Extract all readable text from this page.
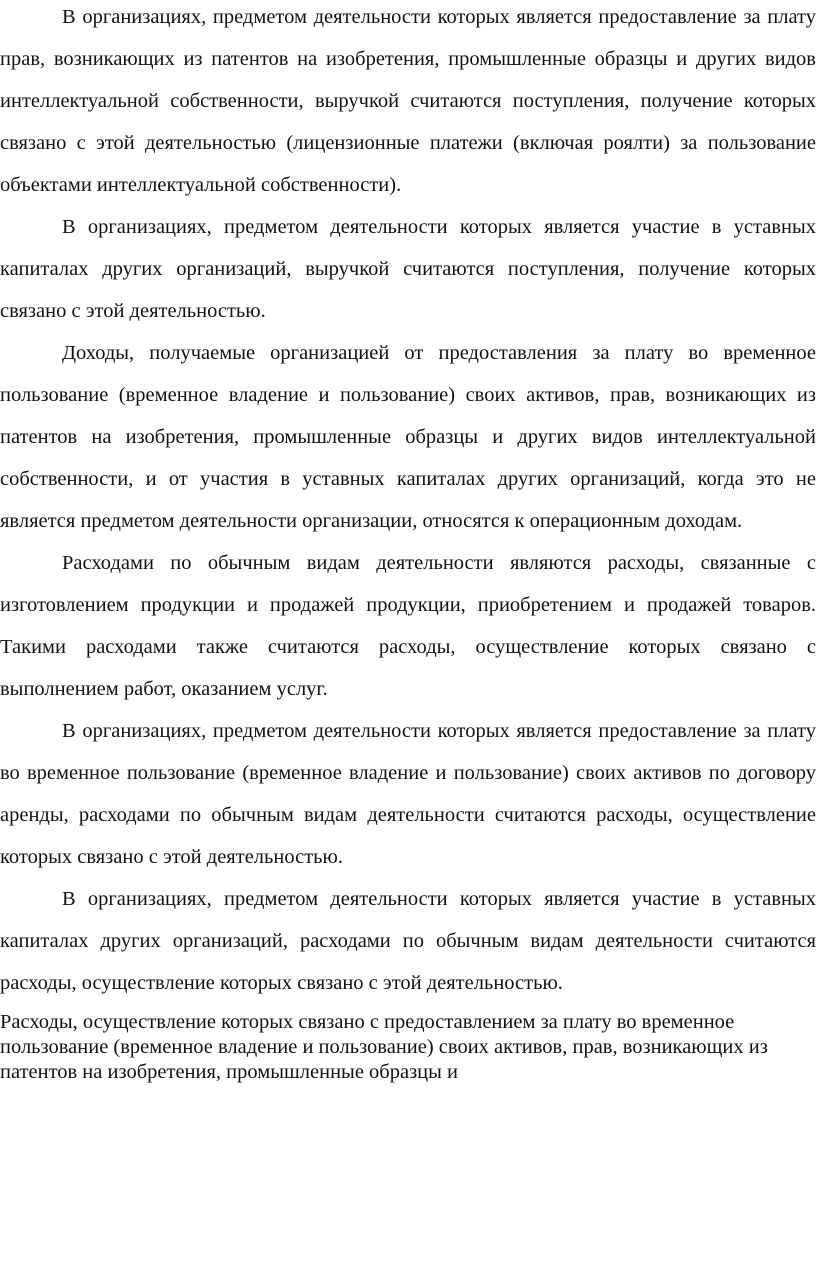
В организациях, предметом деятельности которых является предоставление за плату прав, возникающих из патентов на изобретения, промышленные образцы и других видов интеллектуальной собственности, выручкой считаются поступления, получение которых связано с этой деятельностью (лицензионные платежи (включая роялти) за пользование объектами интеллектуальной собственности).

В организациях, предметом деятельности которых является участие в уставных капиталах других организаций, выручкой считаются поступления, получение которых связано с этой деятельностью.

Доходы, получаемые организацией от предоставления за плату во временное пользование (временное владение и пользование) своих активов, прав, возникающих из патентов на изобретения, промышленные образцы и других видов интеллектуальной собственности, и от участия в уставных капиталах других организаций, когда это не является предметом деятельности организации, относятся к операционным доходам.

Расходами по обычным видам деятельности являются расходы, связанные с изготовлением продукции и продажей продукции, приобретением и продажей товаров. Такими расходами также считаются расходы, осуществление которых связано с выполнением работ, оказанием услуг.

В организациях, предметом деятельности которых является предоставление за плату во временное пользование (временное владение и пользование) своих активов по договору аренды, расходами по обычным видам деятельности считаются расходы, осуществление которых связано с этой деятельностью.

В организациях, предметом деятельности которых является участие в уставных капиталах других организаций, расходами по обычным видам деятельности считаются расходы, осуществление которых связано с этой деятельностью.

Расходы, осуществление которых связано с предоставлением за плату во временное пользование (временное владение и пользование) своих активов, прав, возникающих из патентов на изобретения, промышленные образцы и
